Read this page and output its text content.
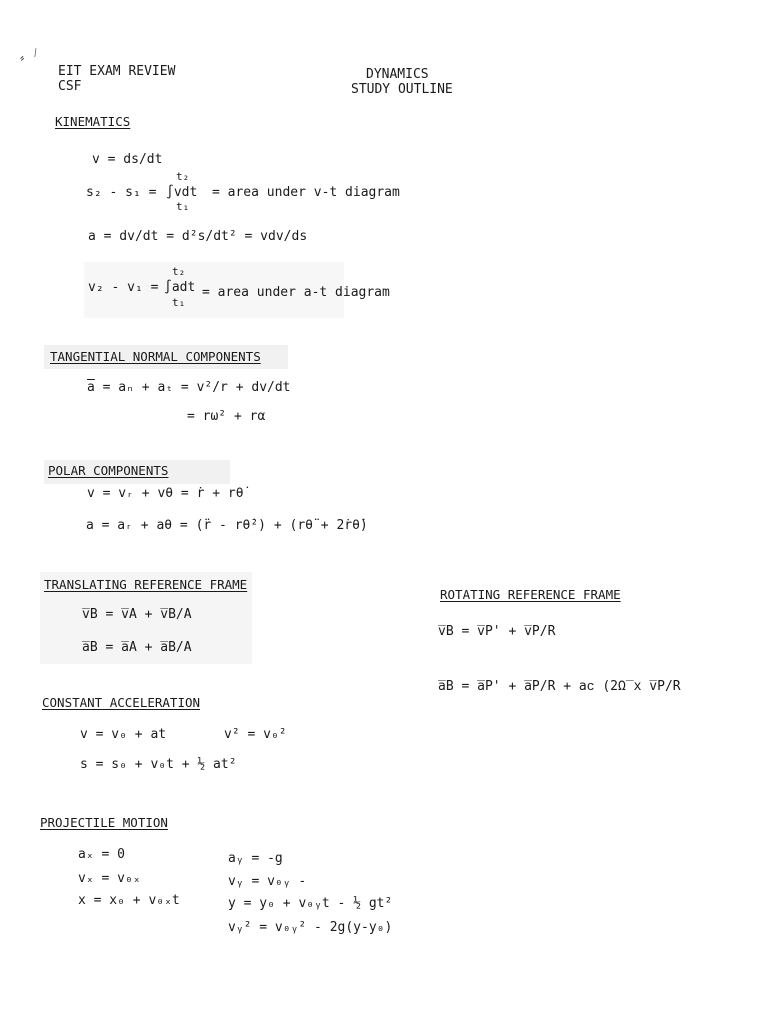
⸗ ⁄
EIT EXAM REVIEW
CSF
DYNAMICS
STUDY OUTLINE
KINEMATICS
v = ds/dt
s₂ - s₁ =
t₂
∫vdt
t₁
= area under v-t diagram
a = dv/dt = d²s/dt² = vdv/ds
v₂ - v₁ =
t₂
∫adt
t₁
= area under a-t diagram
TANGENTIAL NORMAL COMPONENTS
$\overline{a} = a_n + a_t = v^2/r + dv/dt$
= rω² + rα
POLAR COMPONENTS
v = vᵣ + vθ = ṙ + rθ̇
a = aᵣ + aθ = (r̈ - rθ̇²) + (rθ̈ + 2ṙθ̇)
TRANSLATING REFERENCE FRAME
v̅B = v̅A + v̅B/A
a̅B = a̅A + a̅B/A
ROTATING REFERENCE FRAME
v̅B = v̅P' + v̅P/R
a̅B = a̅P' + a̅P/R + aᴄ (2Ω̅ x v̅P/R
CONSTANT ACCELERATION
v = v₀ + at	v² = v₀²
s = s₀ + v₀t + ½ at²
PROJECTILE MOTION
aₓ = 0
vₓ = v₀ₓ
x = x₀ + v₀ₓt
aᵧ = -g
vᵧ = v₀ᵧ -
y = y₀ + v₀ᵧt - ½ gt²
vᵧ² = v₀ᵧ² - 2g(y-y₀)
